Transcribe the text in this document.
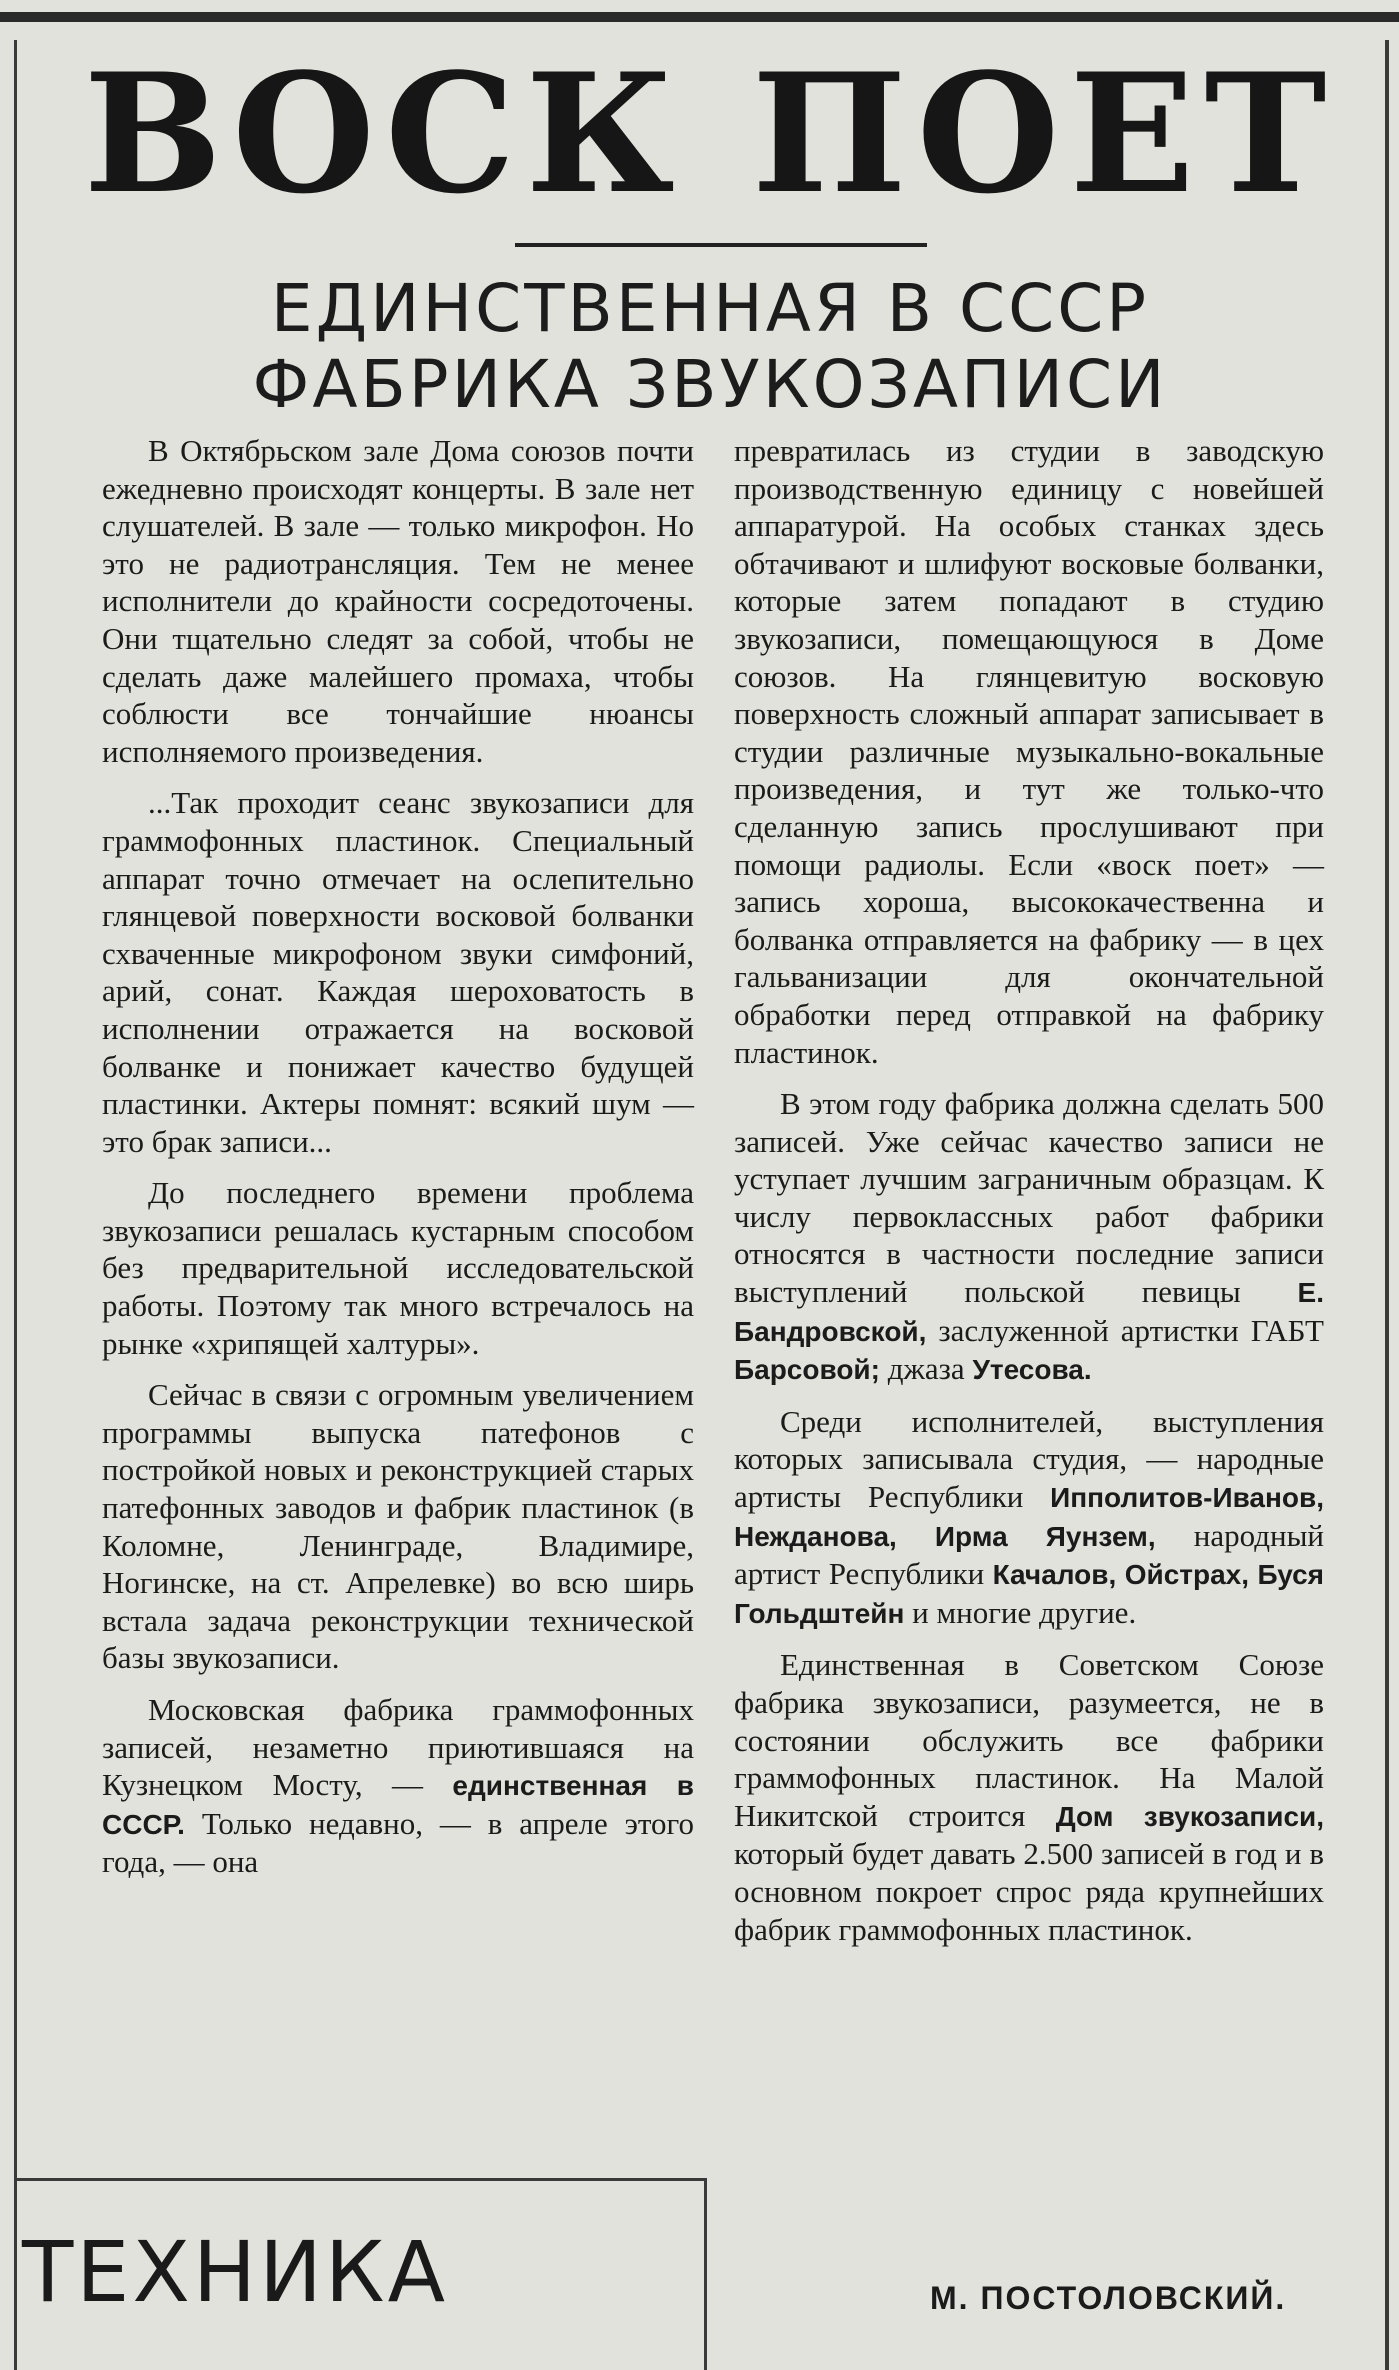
ВОСК ПОЕТ
ЕДИНСТВЕННАЯ В СССР
ФАБРИКА ЗВУКОЗАПИСИ

В Октябрьском зале Дома союзов почти ежедневно происходят концерты. В зале нет слушателей. В зале — только микрофон. Но это не радиотрансляция. Тем не менее исполнители до крайности сосредоточены. Они тщательно следят за собой, чтобы не сделать даже малейшего промаха, чтобы соблюсти все тончайшие нюансы исполняемого произведения.

...Так проходит сеанс звукозаписи для граммофонных пластинок. Специальный аппарат точно отмечает на ослепительно глянцевой поверхности восковой болванки схваченные микрофоном звуки симфоний, арий, сонат. Каждая шероховатость в исполнении отражается на восковой болванке и понижает качество будущей пластинки. Актеры помнят: всякий шум — это брак записи...

До последнего времени проблема звукозаписи решалась кустарным способом без предварительной исследовательской работы. Поэтому так много встречалось на рынке «хрипящей халтуры».

Сейчас в связи с огромным увеличением программы выпуска патефонов с постройкой новых и реконструкцией старых патефонных заводов и фабрик пластинок (в Коломне, Ленинграде, Владимире, Ногинске, на ст. Апрелевке) во всю ширь встала задача реконструкции технической базы звукозаписи.

Московская фабрика граммофонных записей, незаметно приютившаяся на Кузнецком Мосту, — единственная в СССР. Только недавно, — в апреле этого года, — она

превратилась из студии в заводскую производственную единицу с новейшей аппаратурой. На особых станках здесь обтачивают и шлифуют восковые болванки, которые затем попадают в студию звукозаписи, помещающуюся в Доме союзов. На глянцевитую восковую поверхность сложный аппарат записывает в студии различные музыкально-вокальные произведения, и тут же только-что сделанную запись прослушивают при помощи радиолы. Если «воск поет» — запись хороша, высококачественна и болванка отправляется на фабрику — в цех гальванизации для окончательной обработки перед отправкой на фабрику пластинок.

В этом году фабрика должна сделать 500 записей. Уже сейчас качество записи не уступает лучшим заграничным образцам. К числу первоклассных работ фабрики относятся в частности последние записи выступлений польской певицы Е. Бандровской, заслуженной артистки ГАБТ Барсовой; джаза Утесова.

Среди исполнителей, выступления которых записывала студия, — народные артисты Республики Ипполитов-Иванов, Нежданова, Ирма Яунзем, народный артист Республики Качалов, Ойстрах, Буся Гольдштейн и многие другие.

Единственная в Советском Союзе фабрика звукозаписи, разумеется, не в состоянии обслужить все фабрики граммофонных пластинок. На Малой Никитской строится Дом звукозаписи, который будет давать 2.500 записей в год и в основном покроет спрос ряда крупнейших фабрик граммофонных пластинок.

М. ПОСТОЛОВСКИЙ.
ТЕХНИКА
